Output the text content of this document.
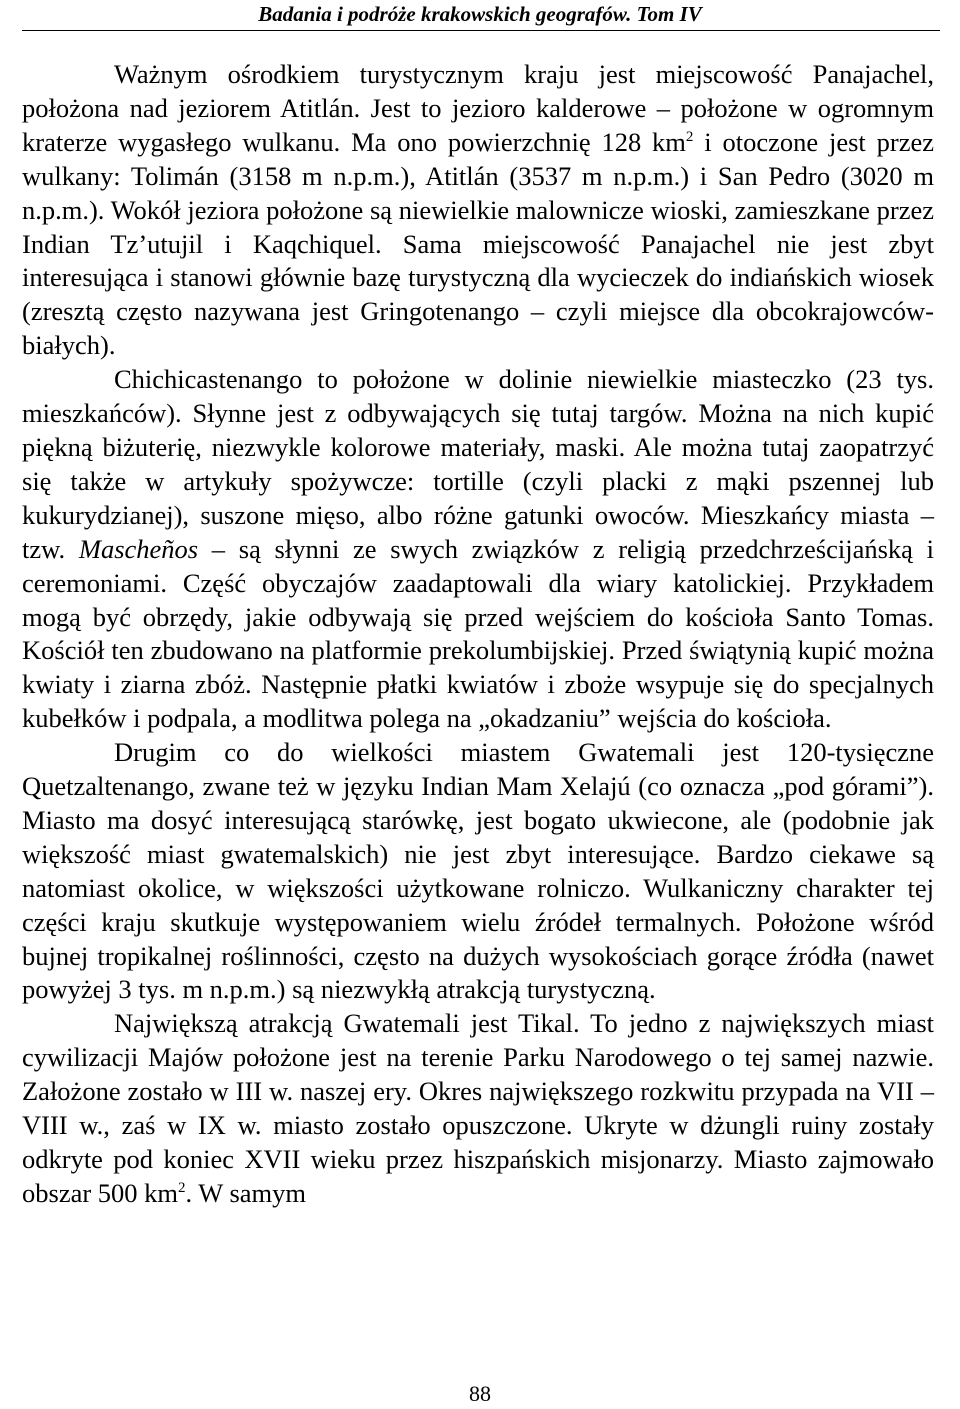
Badania i podróże krakowskich geografów. Tom IV

Ważnym ośrodkiem turystycznym kraju jest miejscowość Panajachel, położona nad jeziorem Atitlán. Jest to jezioro kalderowe – położone w ogromnym kraterze wygasłego wulkanu. Ma ono powierzchnię 128 $km^2$ i otoczone jest przez wulkany: Tolimán (3158 m n.p.m.), Atitlán (3537 m n.p.m.) i San Pedro (3020 m n.p.m.). Wokół jeziora położone są niewielkie malownicze wioski, zamieszkane przez Indian Tz’utujil i Kaqchiquel. Sama miejscowość Panajachel nie jest zbyt interesująca i stanowi głównie bazę turystyczną dla wycieczek do indiańskich wiosek (zresztą często nazywana jest Gringotenango – czyli miejsce dla obcokrajowców-białych).

Chichicastenango to położone w dolinie niewielkie miasteczko (23 tys. mieszkańców). Słynne jest z odbywających się tutaj targów. Można na nich kupić piękną biżuterię, niezwykle kolorowe materiały, maski. Ale można tutaj zaopatrzyć się także w artykuły spożywcze: tortille (czyli placki z mąki pszennej lub kukurydzianej), suszone mięso, albo różne gatunki owoców. Mieszkańcy miasta – tzw. Mascheños – są słynni ze swych związków z religią przedchrześcijańską i ceremoniami. Część obyczajów zaadaptowali dla wiary katolickiej. Przykładem mogą być obrzędy, jakie odbywają się przed wejściem do kościoła Santo Tomas. Kościół ten zbudowano na platformie prekolumbijskiej. Przed świątynią kupić można kwiaty i ziarna zbóż. Następnie płatki kwiatów i zboże wsypuje się do specjalnych kubełków i podpala, a modlitwa polega na „okadzaniu” wejścia do kościoła.

Drugim co do wielkości miastem Gwatemali jest 120-tysięczne Quetzaltenango, zwane też w języku Indian Mam Xelajú (co oznacza „pod górami”). Miasto ma dosyć interesującą starówkę, jest bogato ukwiecone, ale (podobnie jak większość miast gwatemalskich) nie jest zbyt interesujące. Bardzo ciekawe są natomiast okolice, w większości użytkowane rolniczo. Wulkaniczny charakter tej części kraju skutkuje występowaniem wielu źródeł termalnych. Położone wśród bujnej tropikalnej roślinności, często na dużych wysokościach gorące źródła (nawet powyżej 3 tys. m n.p.m.) są niezwykłą atrakcją turystyczną.

Największą atrakcją Gwatemali jest Tikal. To jedno z największych miast cywilizacji Majów położone jest na terenie Parku Narodowego o tej samej nazwie. Założone zostało w III w. naszej ery. Okres największego rozkwitu przypada na VII – VIII w., zaś w IX w. miasto zostało opuszczone. Ukryte w dżungli ruiny zostały odkryte pod koniec XVII wieku przez hiszpańskich misjonarzy. Miasto zajmowało obszar 500 $km^2$. W samym

88
